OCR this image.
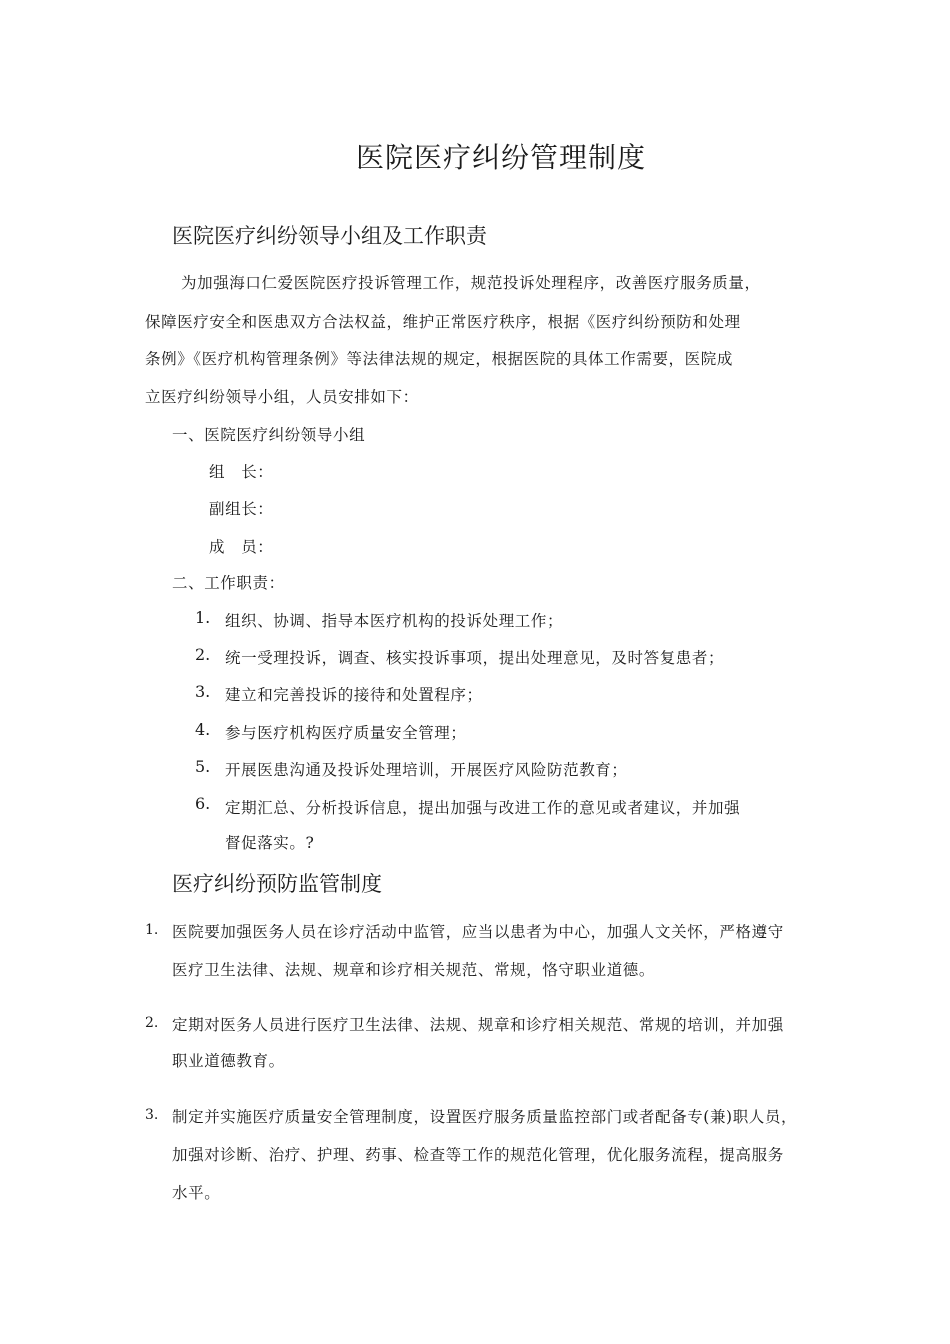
医院医疗纠纷管理制度
医院医疗纠纷领导小组及工作职责
为加强海口仁爱医院医疗投诉管理工作，规范投诉处理程序，改善医疗服务质量，
保障医疗安全和医患双方合法权益，维护正常医疗秩序，根据《医疗纠纷预防和处理
条例》《医疗机构管理条例》等法律法规的规定，根据医院的具体工作需要，医院成
立医疗纠纷领导小组，人员安排如下：
一、医院医疗纠纷领导小组
组　长：
副组长：
成　员：
二、工作职责：
1. 组织、协调、指导本医疗机构的投诉处理工作；
2. 统一受理投诉，调查、核实投诉事项，提出处理意见，及时答复患者；
3. 建立和完善投诉的接待和处置程序；
4. 参与医疗机构医疗质量安全管理；
5. 开展医患沟通及投诉处理培训，开展医疗风险防范教育；
6. 定期汇总、分析投诉信息，提出加强与改进工作的意见或者建议，并加强
督促落实。?
医疗纠纷预防监管制度
1. 医院要加强医务人员在诊疗活动中监管，应当以患者为中心，加强人文关怀，严格遵守
医疗卫生法律、法规、规章和诊疗相关规范、常规，恪守职业道德。
2. 定期对医务人员进行医疗卫生法律、法规、规章和诊疗相关规范、常规的培训，并加强
职业道德教育。
3. 制定并实施医疗质量安全管理制度，设置医疗服务质量监控部门或者配备专(兼)职人员，
加强对诊断、治疗、护理、药事、检查等工作的规范化管理，优化服务流程，提高服务
水平。
